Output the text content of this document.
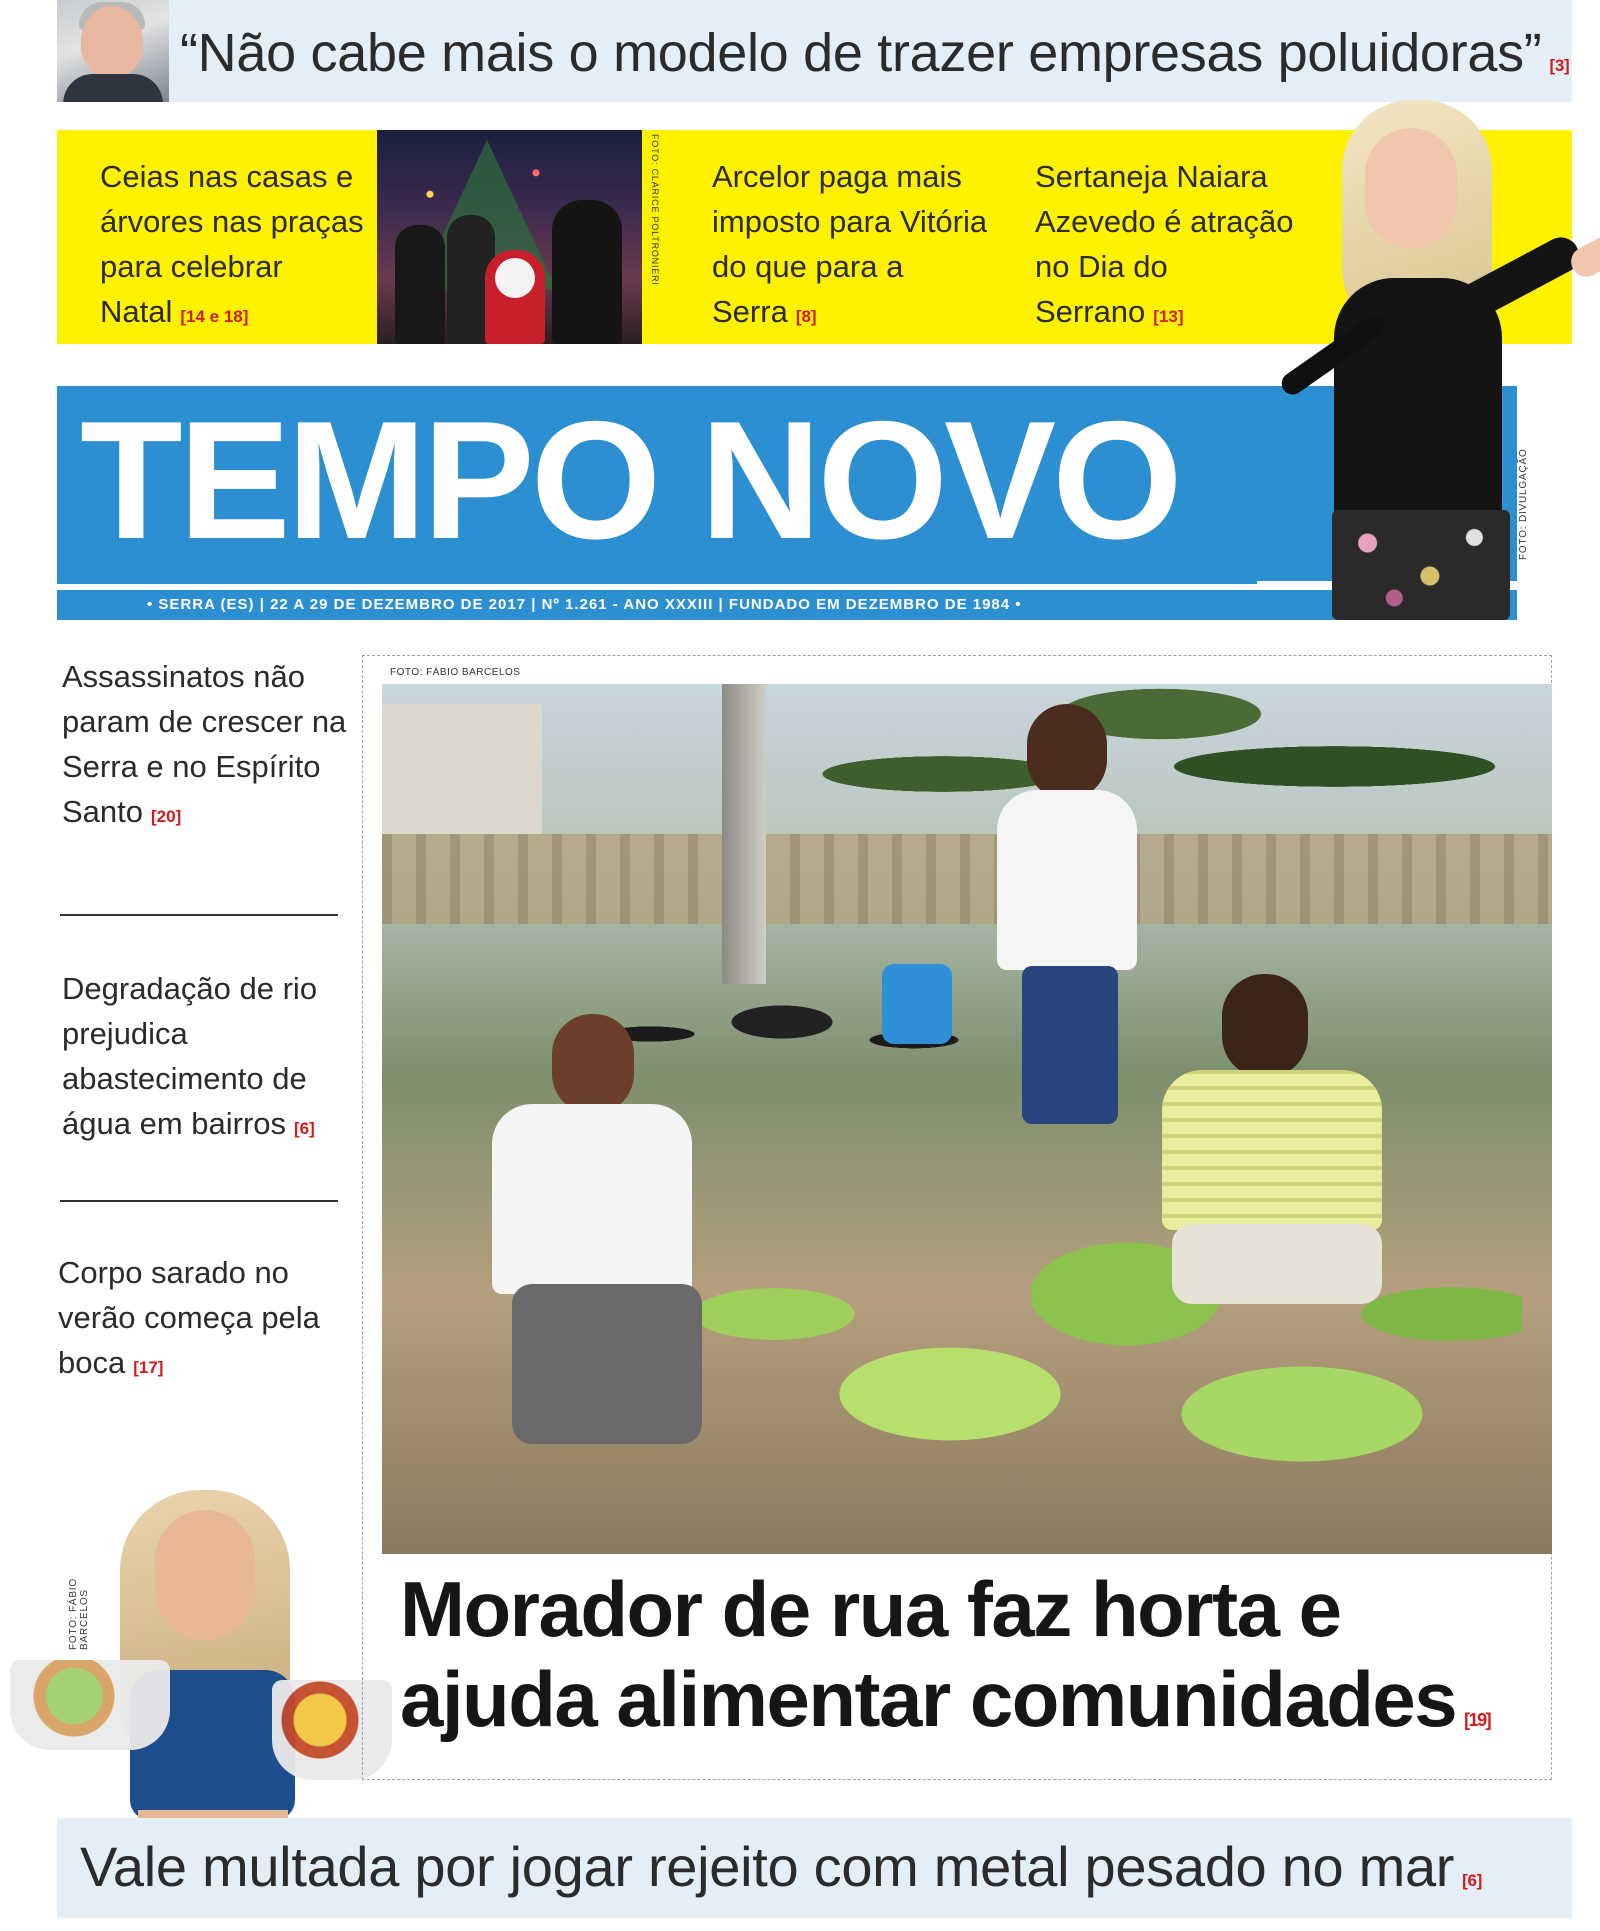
“Não cabe mais o modelo de trazer empresas poluidoras” [3]
Ceias nas casas e árvores nas praças para celebrar Natal [14 e 18]
FOTO: CLARICE POLTRONIERI Arcelor paga mais imposto para Vitória do que para a Serra [8]
Sertaneja Naiara Azevedo é atração no Dia do Serrano [13]
TEMPO NOVO
• SERRA (ES) | 22 A 29 DE DEZEMBRO DE 2017 | Nº 1.261 - ANO XXXIII | FUNDADO EM DEZEMBRO DE 1984 •
FOTO: DIVULGAÇÃO
Assassinatos não param de crescer na Serra e no Espírito Santo [20]
Degradação de rio prejudica abastecimento de água em bairros [6]
Corpo sarado no verão começa pela boca [17]
FOTO: FÁBIO BARCELOS
FOTO: FÁBIO BARCELOS
Morador de rua faz horta e ajuda alimentar comunidades [19]
Vale multada por jogar rejeito com metal pesado no mar [6]
